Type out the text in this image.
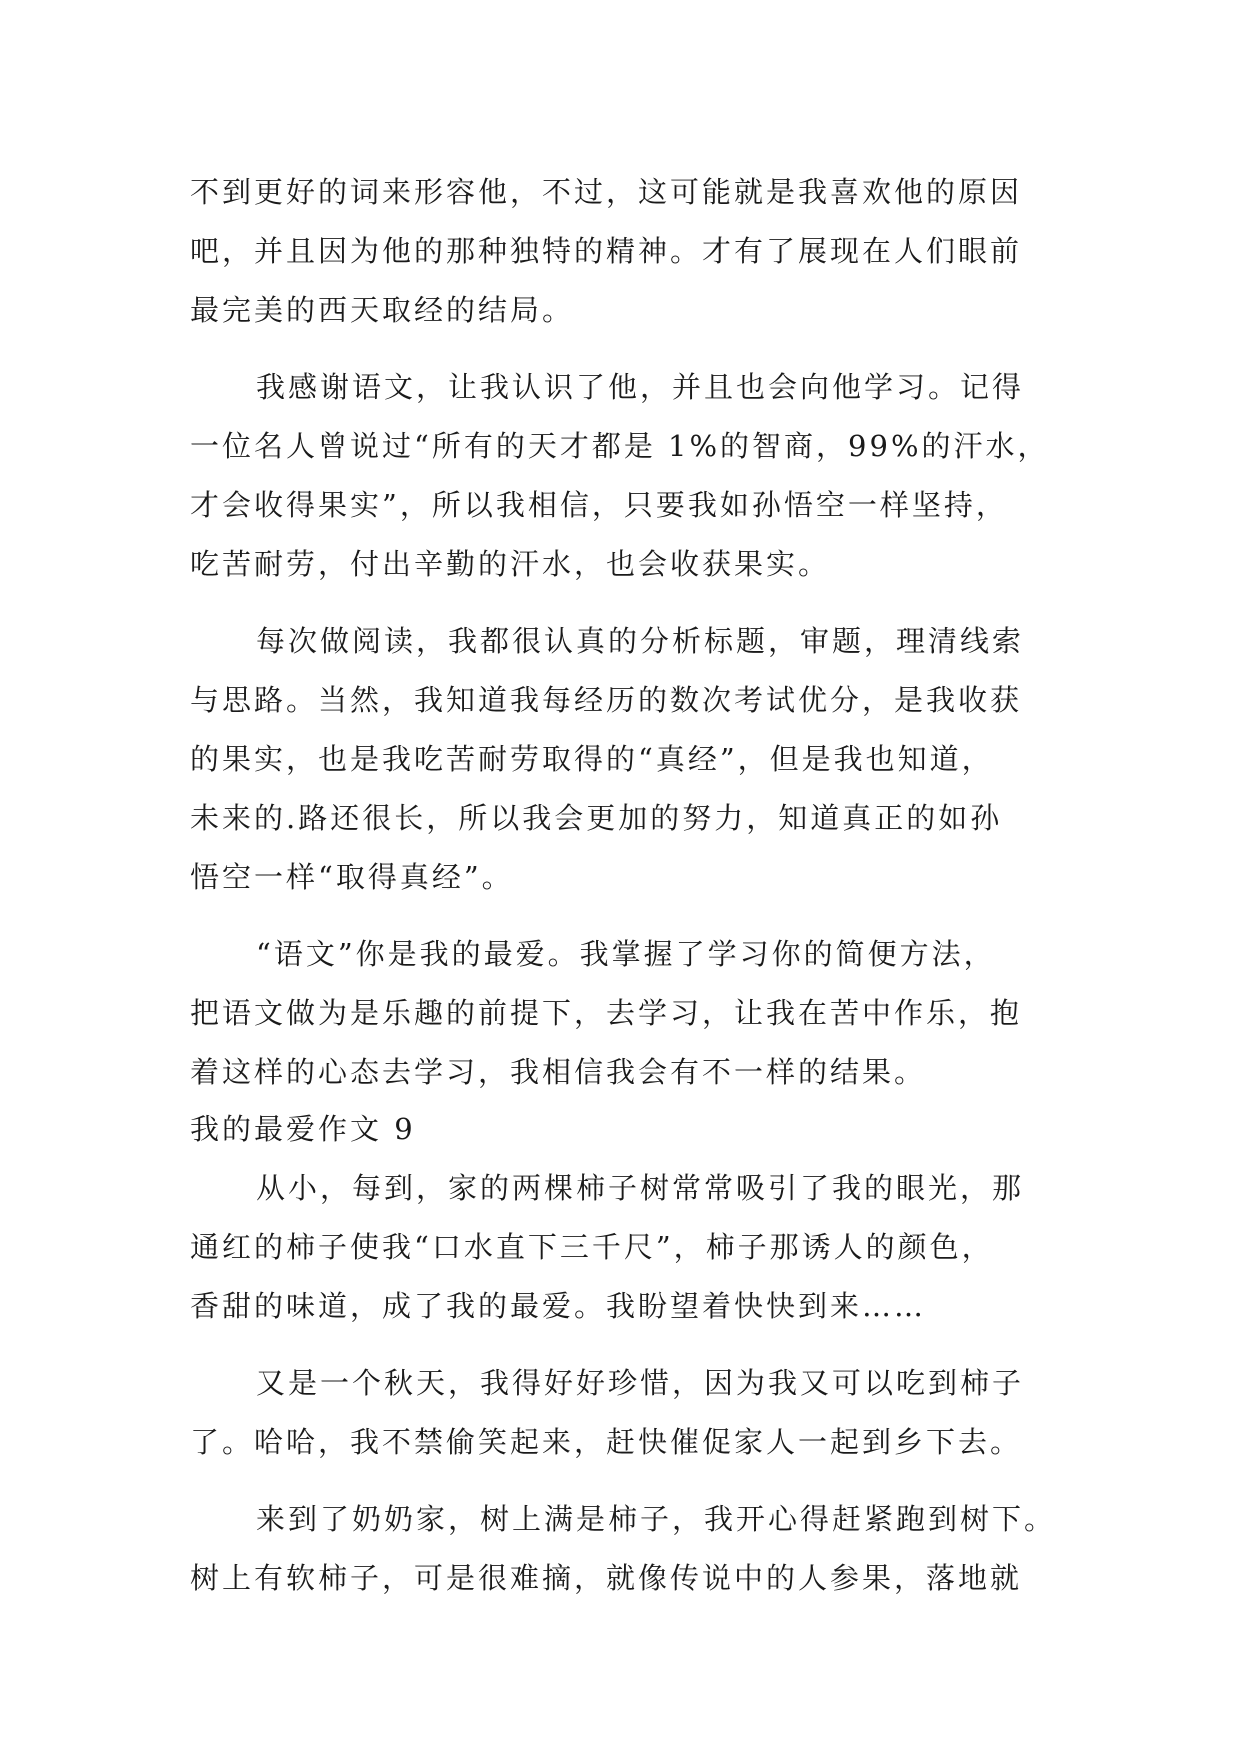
不到更好的词来形容他，不过，这可能就是我喜欢他的原因
吧，并且因为他的那种独特的精神。才有了展现在人们眼前
最完美的西天取经的结局。
我感谢语文，让我认识了他，并且也会向他学习。记得
一位名人曾说过“所有的天才都是 1%的智商，99%的汗水，
才会收得果实”，所以我相信，只要我如孙悟空一样坚持，
吃苦耐劳，付出辛勤的汗水，也会收获果实。
每次做阅读，我都很认真的分析标题，审题，理清线索
与思路。当然，我知道我每经历的数次考试优分，是我收获
的果实，也是我吃苦耐劳取得的“真经”，但是我也知道，
未来的.路还很长，所以我会更加的努力，知道真正的如孙
悟空一样“取得真经”。
“语文”你是我的最爱。我掌握了学习你的简便方法，
把语文做为是乐趣的前提下，去学习，让我在苦中作乐，抱
着这样的心态去学习，我相信我会有不一样的结果。
我的最爱作文 9
从小，每到，家的两棵柿子树常常吸引了我的眼光，那
通红的柿子使我“口水直下三千尺”，柿子那诱人的颜色，
香甜的味道，成了我的最爱。我盼望着快快到来……
又是一个秋天，我得好好珍惜，因为我又可以吃到柿子
了。哈哈，我不禁偷笑起来，赶快催促家人一起到乡下去。
来到了奶奶家，树上满是柿子，我开心得赶紧跑到树下。
树上有软柿子，可是很难摘，就像传说中的人参果，落地就
